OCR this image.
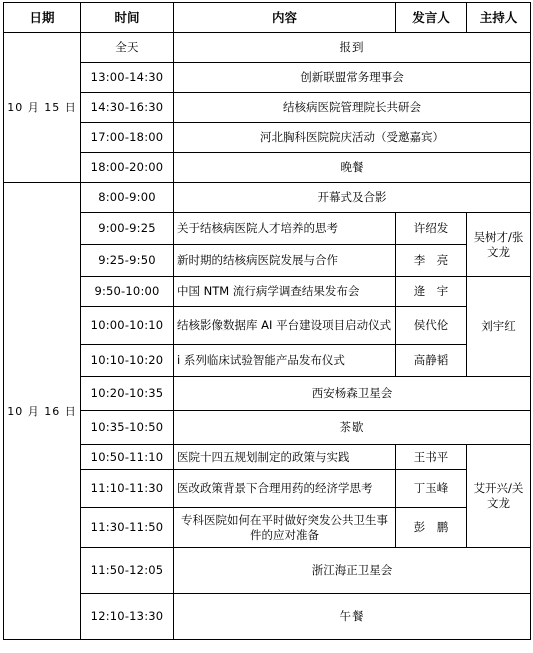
日期	时间	内容	发言人	主持人
10 月 15 日	全天	报到		
	13:00-14:30	创新联盟常务理事会		
	14:30-16:30	结核病医院管理院长共研会		
	17:00-18:00	河北胸科医院院庆活动（受邀嘉宾）		
	18:00-20:00	晚餐		
10 月 16 日	8:00-9:00	开幕式及合影		
	9:00-9:25	关于结核病医院人才培养的思考	许绍发	吴树才/张文龙
	9:25-9:50	新时期的结核病医院发展与合作	李　亮	
	9:50-10:00	中国 NTM 流行病学调查结果发布会	逄　宇	刘宇红
	10:00-10:10	结核影像数据库 AI 平台建设项目启动仪式	侯代伦	
	10:10-10:20	i 系列临床试验智能产品发布仪式	高静韬	
	10:20-10:35	西安杨森卫星会		
	10:35-10:50	茶歇		
	10:50-11:10	医院十四五规划制定的政策与实践	王书平	艾开兴/关文龙
	11:10-11:30	医改政策背景下合理用药的经济学思考	丁玉峰	
	11:30-11:50	专科医院如何在平时做好突发公共卫生事件的应对准备	彭　鹏	
	11:50-12:05	浙江海正卫星会		
	12:10-13:30	午餐		
